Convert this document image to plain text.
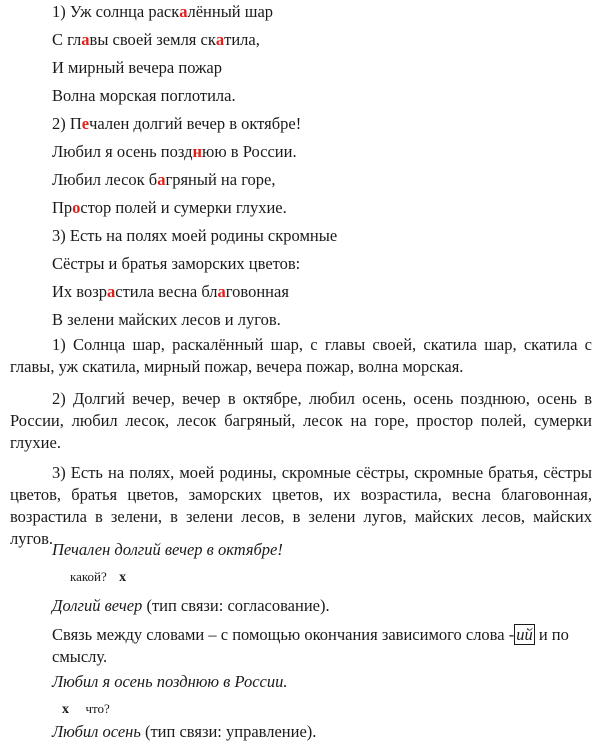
1) Уж солнца раскалённый шар
С главы своей земля скатила,
И мирный вечера пожар
Волна морская поглотила.
2) Печален долгий вечер в октябре!
Любил я осень позднюю в России.
Любил лесок багряный на горе,
Простор полей и сумерки глухие.
3) Есть на полях моей родины скромные
Сёстры и братья заморских цветов:
Их возрастила весна благовонная
В зелени майских лесов и лугов.
1) Солнца шар, раскалённый шар, с главы своей, скатила шар, скатила с главы, уж скатила, мирный пожар, вечера пожар, волна морская.
2) Долгий вечер, вечер в октябре, любил осень, осень позднюю, осень в России, любил лесок, лесок багряный, лесок на горе, простор полей, сумерки глухие.
3) Есть на полях, моей родины, скромные сёстры, скромные братья, сёстры цветов, братья цветов, заморских цветов, их возрастила, весна благовонная, возрастила в зелени, в зелени лесов, в зелени лугов, майских лесов, майских лугов.
Печален долгий вечер в октябре!
какой? x
Долгий вечер (тип связи: согласование).
Связь между словами – с помощью окончания зависимого слова - ий и по смыслу.
Любил я осень позднюю в России.
x что?
Любил осень (тип связи: управление).
